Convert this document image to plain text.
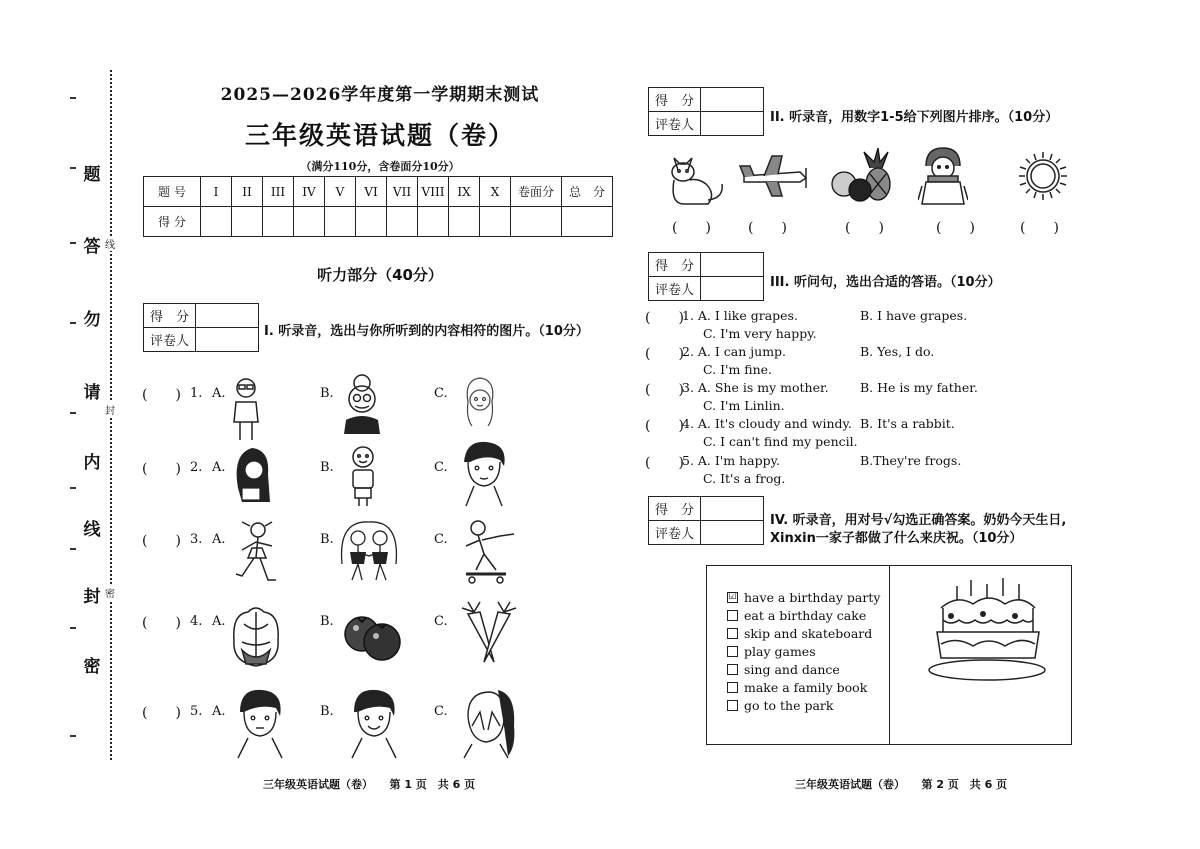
题
答
勿
请
内
线
封
密
线
封
密
2025—2026学年度第一学期期末测试
三年级英语试题（卷）
（满分110分，含卷面分10分）
题 号	I	II	III	IV	V	VI	VII	VIII	IX	X	卷面分	总　分
得 分												
听力部分（40分）
得　分	
评卷人	
I. 听录音，选出与你所听到的内容相符的图片。（10分）
(　　) 1. A.	B.	C.
(　　) 2. A.	B.	C.
(　　) 3. A.	B.	C.
(　　) 4. A.	B.	C.
(　　) 5. A.	B.	C.
三年级英语试题（卷）　　第 1 页　共 6 页
得　分	
评卷人	
II. 听录音，用数字1-5给下列图片排序。（10分）
(　　)	(　　)	(　　)	(　　)	(　　)
得　分	
评卷人	
III. 听问句，选出合适的答语。（10分）
(　　)
1. A. I like grapes.	B. I have grapes.
C. I'm very happy.
(　　)
2. A. I can jump.	B. Yes, I do.
C. I'm fine.
(　　)
3. A. She is my mother.	B. He is my father.
C. I'm Linlin.
(　　)
4. A. It's cloudy and windy. B. It's a rabbit.
C. I can't find my pencil.
(　　)
5. A. I'm happy.	B.They're frogs.
C. It's a frog.
得　分	
评卷人	
IV. 听录音，用对号√勾选正确答案。奶奶今天生日,
Xinxin一家子都做了什么来庆祝。（10分）
☑ have a birthday party
eat a birthday cake
skip and skateboard
play games
sing and dance
make a family book
go to the park
三年级英语试题（卷）　　第 2 页　共 6 页
